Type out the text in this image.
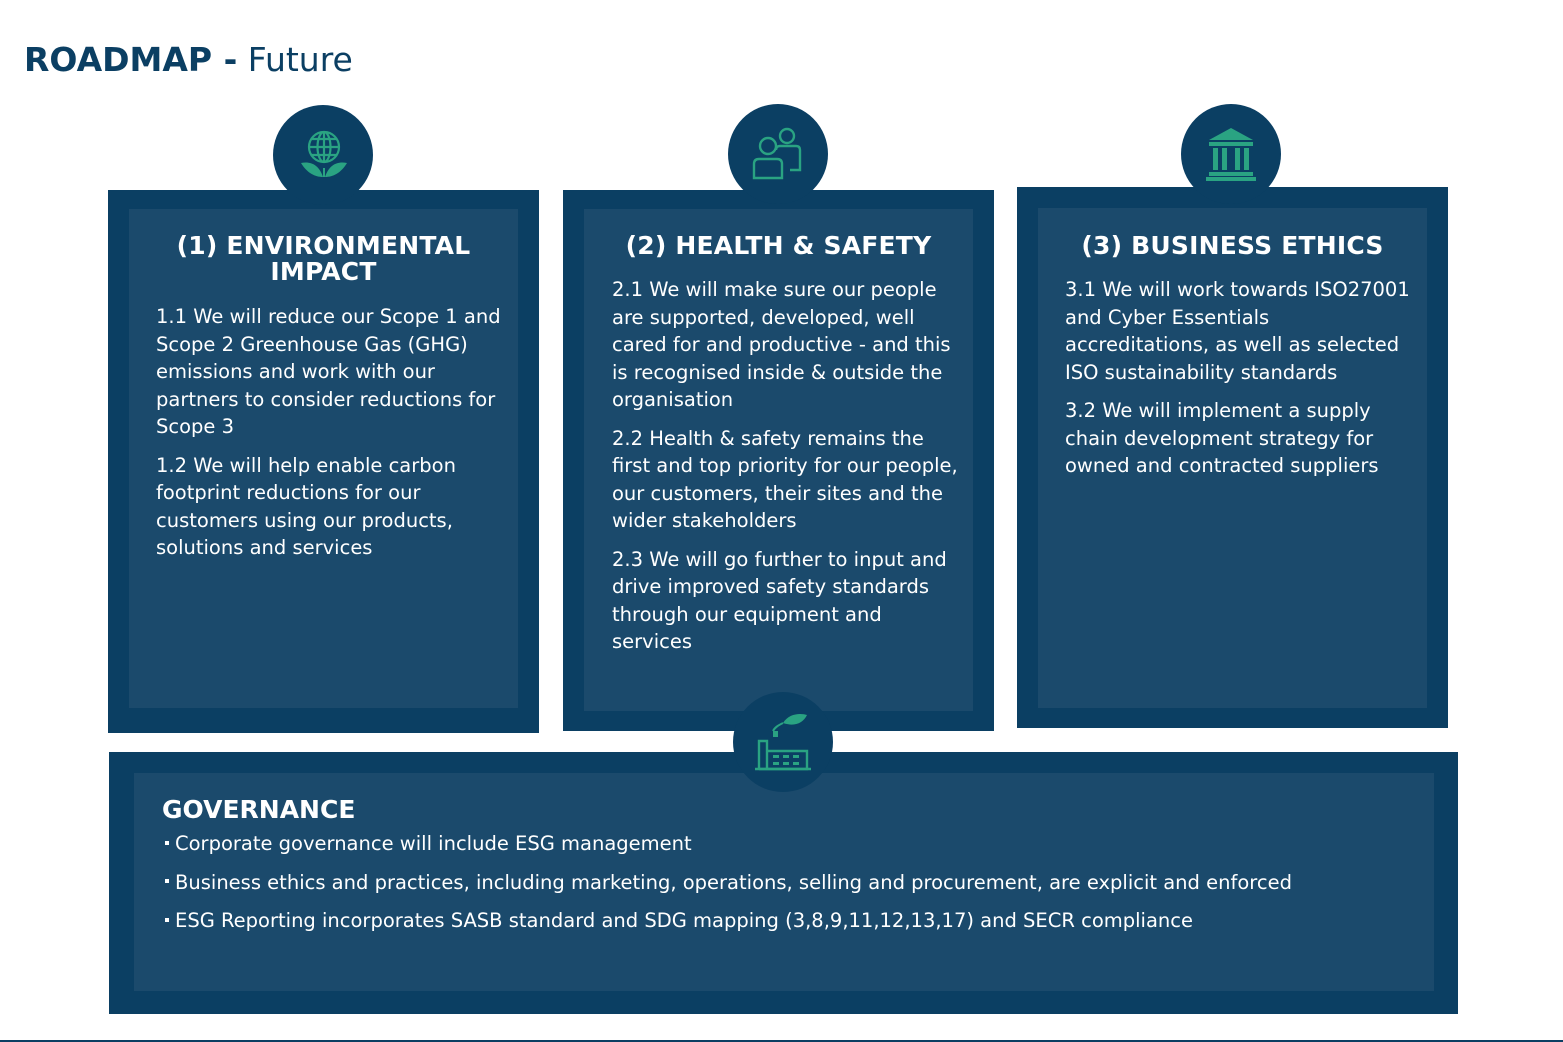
ROADMAP - Future
(1) ENVIRONMENTAL IMPACT

1.1 We will reduce our Scope 1 and Scope 2 Greenhouse Gas (GHG) emissions and work with our partners to consider reductions for Scope 3

1.2 We will help enable carbon footprint reductions for our customers using our products, solutions and services

(2) HEALTH & SAFETY

2.1 We will make sure our people are supported, developed, well cared for and productive - and this is recognised inside & outside the organisation

2.2 Health & safety remains the first and top priority for our people, our customers, their sites and the wider stakeholders

2.3 We will go further to input and drive improved safety standards through our equipment and services

(3) BUSINESS ETHICS

3.1 We will work towards ISO27001 and Cyber Essentials accreditations, as well as selected ISO sustainability standards

3.2 We will implement a supply chain development strategy for owned and contracted suppliers

GOVERNANCE
Corporate governance will include ESG management
Business ethics and practices, including marketing, operations, selling and procurement, are explicit and enforced
ESG Reporting incorporates SASB standard and SDG mapping (3,8,9,11,12,13,17) and SECR compliance
